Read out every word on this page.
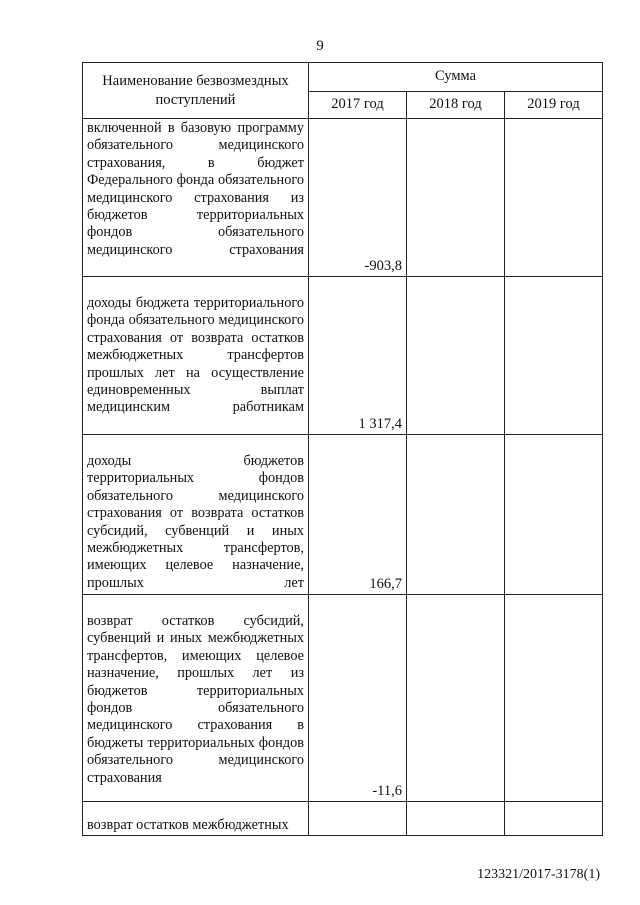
9
Наименование безвозмездных поступлений	Сумма		
	2017 год	2018 год	2019 год
включенной в базовую программу обязательного медицинского страхования, в бюджет Федерального фонда обязательного медицинского страхования из бюджетов территориальных фондов обязательного медицинского страхования	-903,8		

доходы бюджета территориального фонда обязательного медицинского страхования от возврата остатков межбюджетных трансфертов прошлых лет на осуществление единовременных выплат медицинским работникам	1 317,4		

доходы бюджетов территориальных фондов обязательного медицинского страхования от возврата остатков субсидий, субвенций и иных межбюджетных трансфертов, имеющих целевое назначение, прошлых лет	166,7		

возврат остатков субсидий, субвенций и иных межбюджетных трансфертов, имеющих целевое назначение, прошлых лет из бюджетов территориальных фондов обязательного медицинского страхования в бюджеты территориальных фондов обязательного медицинского страхования	-11,6		
возврат остатков межбюджетных			
123321/2017-3178(1)
